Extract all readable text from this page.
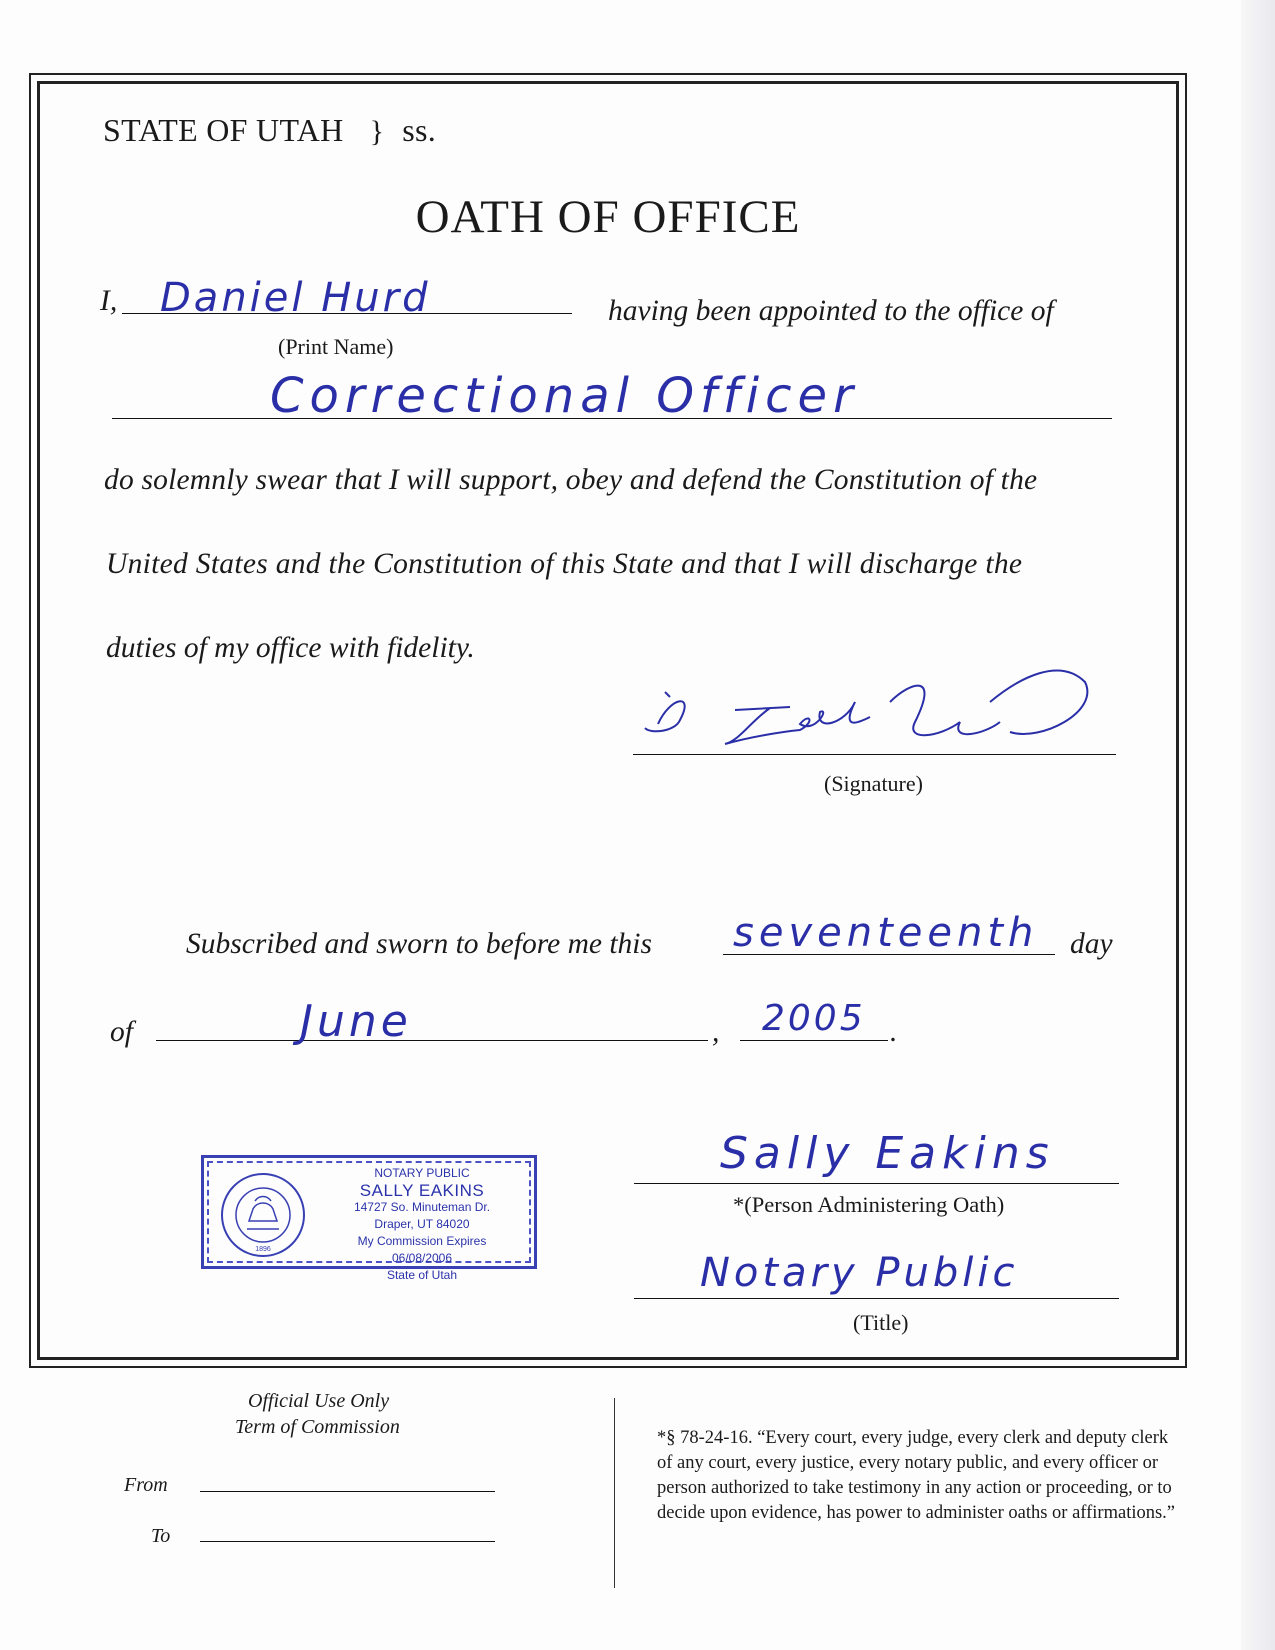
STATE OF UTAH } ss.
OATH OF OFFICE
I, Daniel Hurd
(Print Name)
having been appointed to the office of
Correctional Officer
do solemnly swear that I will support, obey and defend the Constitution of the
United States and the Constitution of this State and that I will discharge the
duties of my office with fidelity.
(Signature)
Subscribed and sworn to before me this seventeenth day
of	June	, 2005 .
1896
NOTARY PUBLIC
SALLY EAKINS
14727 So. Minuteman Dr.
Draper, UT 84020
My Commission Expires 06/08/2006
State of Utah
Sally Eakins
*(Person Administering Oath)
Notary Public
(Title)
Official Use Only
Term of Commission
From
To
*§ 78-24-16. “Every court, every judge, every clerk and deputy clerk of any court, every justice, every notary public, and every officer or person authorized to take testimony in any action or proceeding, or to decide upon evidence, has power to administer oaths or affirmations.”
